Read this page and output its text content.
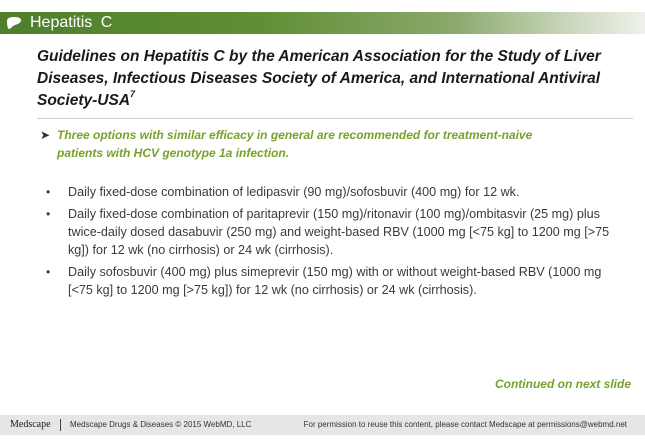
Hepatitis C
Guidelines on Hepatitis C by the American Association for the Study of Liver Diseases, Infectious Diseases Society of America, and International Antiviral Society-USA$^7$
➤ Three options with similar efficacy in general are recommended for treatment-naive patients with HCV genotype 1a infection.
• Daily fixed-dose combination of ledipasvir (90 mg)/sofosbuvir (400 mg) for 12 wk.
• Daily fixed-dose combination of paritaprevir (150 mg)/ritonavir (100 mg)/ombitasvir (25 mg) plus twice-daily dosed dasabuvir (250 mg) and weight-based RBV (1000 mg [<75 kg] to 1200 mg [>75 kg]) for 12 wk (no cirrhosis) or 24 wk (cirrhosis).
• Daily sofosbuvir (400 mg) plus simeprevir (150 mg) with or without weight-based RBV (1000 mg [<75 kg] to 1200 mg [>75 kg]) for 12 wk (no cirrhosis) or 24 wk (cirrhosis).
Continued on next slide
Medscape Medscape Drugs & Diseases © 2015 WebMD, LLC	For permission to reuse this content, please contact Medscape at permissions@webmd.net
